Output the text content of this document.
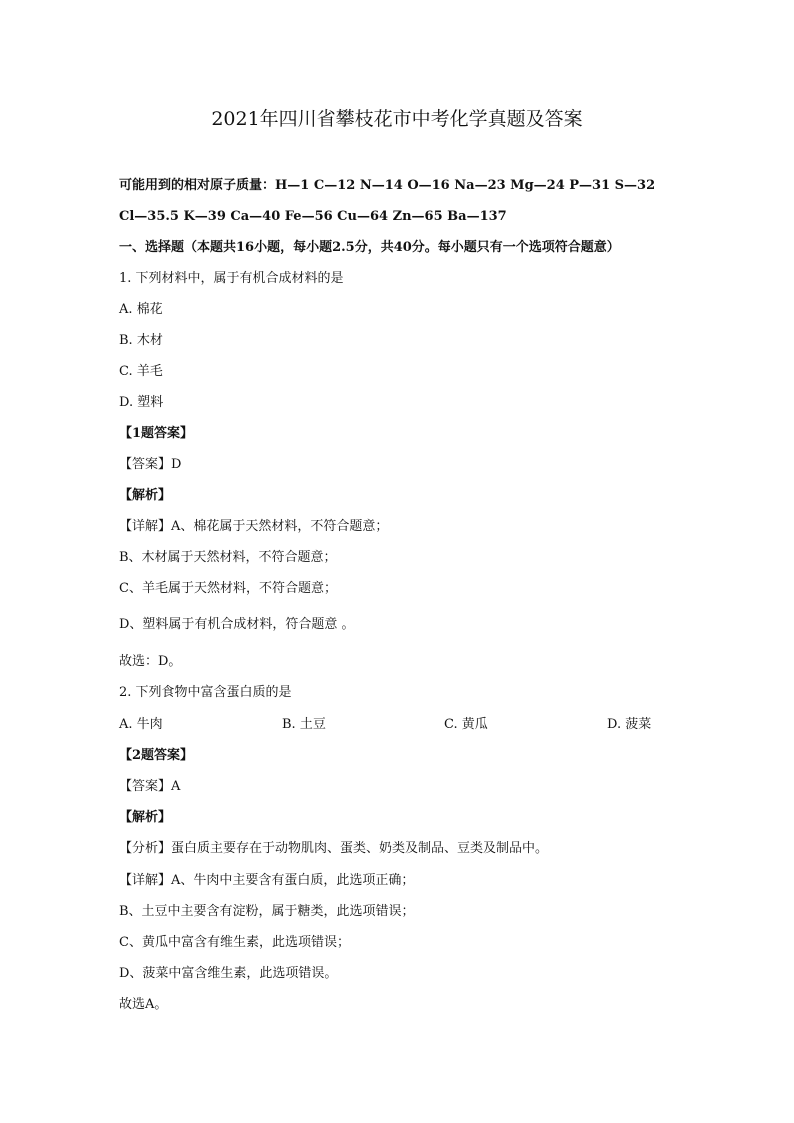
2021年四川省攀枝花市中考化学真题及答案
可能用到的相对原子质量：H—1 C—12 N—14 O—16 Na—23 Mg—24 P—31 S—32
Cl—35.5 K—39 Ca—40 Fe—56 Cu—64 Zn—65 Ba—137
一、选择题（本题共16小题，每小题2.5分，共40分。每小题只有一个选项符合题意）
1. 下列材料中，属于有机合成材料的是
A. 棉花
B. 木材
C. 羊毛
D. 塑料
【1题答案】
【答案】D
【解析】
【详解】A、棉花属于天然材料，不符合题意；
B、木材属于天然材料，不符合题意；
C、羊毛属于天然材料，不符合题意；
D、塑料属于有机合成材料，符合题意 。
故选：D。
2. 下列食物中富含蛋白质的是
A. 牛肉	B. 土豆	C. 黄瓜	D. 菠菜
【2题答案】
【答案】A
【解析】
【分析】蛋白质主要存在于动物肌肉、蛋类、奶类及制品、豆类及制品中。
【详解】A、牛肉中主要含有蛋白质，此选项正确；
B、土豆中主要含有淀粉，属于糖类，此选项错误；
C、黄瓜中富含有维生素，此选项错误；
D、菠菜中富含维生素，此选项错误。
故选A。
